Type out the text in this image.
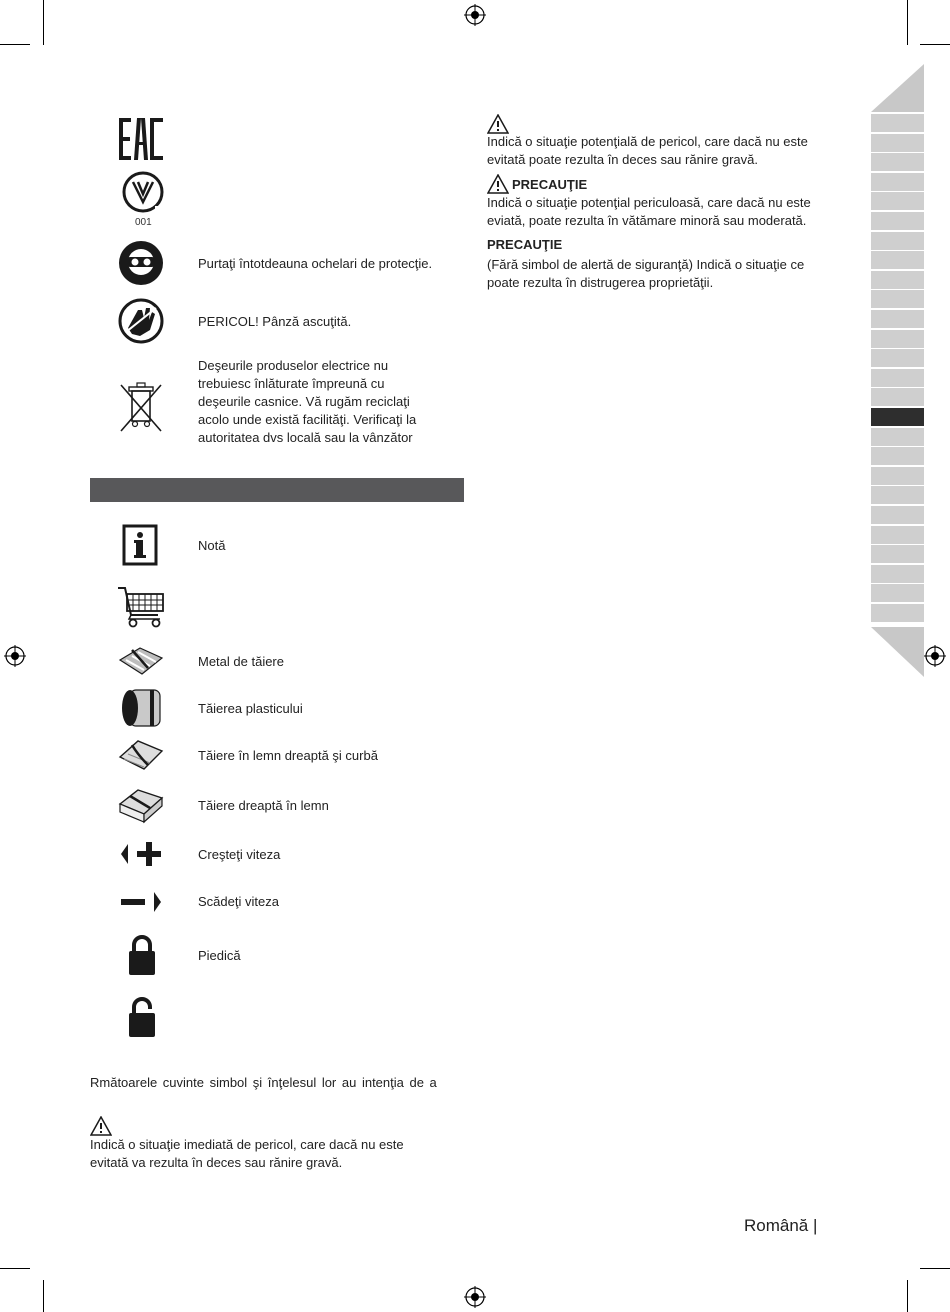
001
Purtaţi întotdeauna ochelari de protecţie.
PERICOL! Pânză ascuţită.
Deşeurile produselor electrice nu
trebuiesc înlăturate împreună cu
deşeurile casnice. Vă rugăm reciclaţi
acolo unde există facilităţi. Verificaţi la
autoritatea dvs locală sau la vânzător
Notă
Metal de tăiere
Tăierea plasticului
Tăiere în lemn dreaptă şi curbă
Tăiere dreaptă în lemn
Creşteţi viteza
Scădeţi viteza
Piedică
Rmătoarele cuvinte simbol şi înţelesul lor au intenţia de a
Indică o situaţie imediată de pericol, care dacă nu este
evitată va rezulta în deces sau rănire gravă.
Indică o situaţie potenţială de pericol, care dacă nu este
evitată poate rezulta în deces sau rănire gravă.
PRECAUŢIE
Indică o situaţie potenţial periculoasă, care dacă nu este
eviată, poate rezulta în vătămare minoră sau moderată.
PRECAUŢIE
(Fără simbol de alertă de siguranţă) Indică o situaţie ce
poate rezulta în distrugerea proprietăţii.
Română |
